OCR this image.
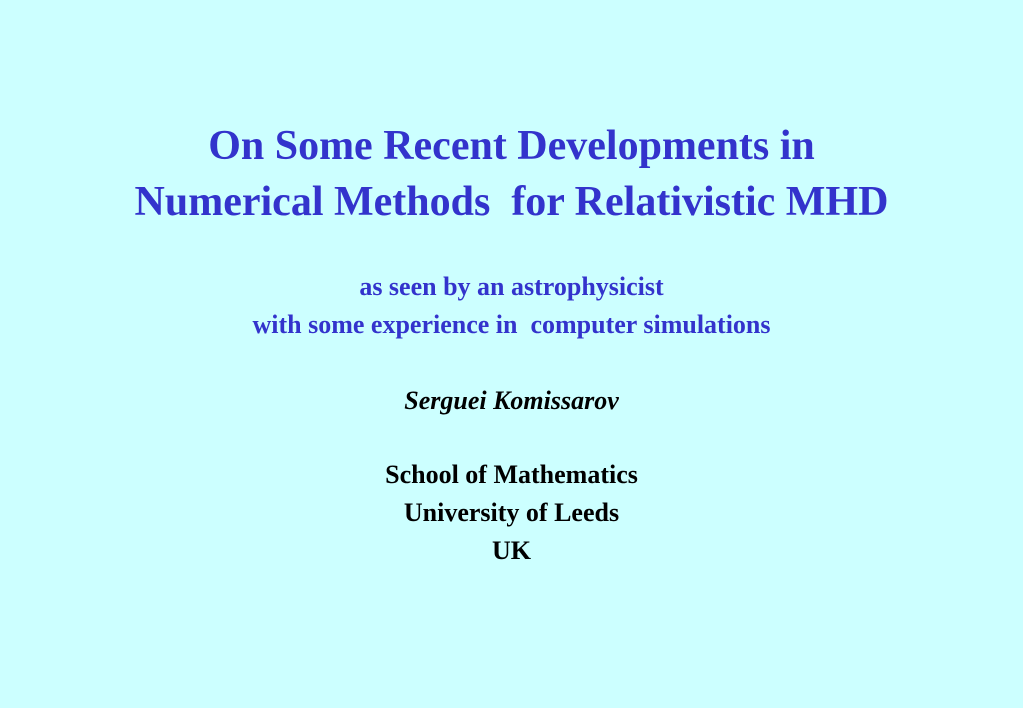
On Some Recent Developments in
Numerical Methods  for Relativistic MHD

as seen by an astrophysicist

with some experience in  computer simulations

Serguei Komissarov

School of Mathematics

University of Leeds

UK
